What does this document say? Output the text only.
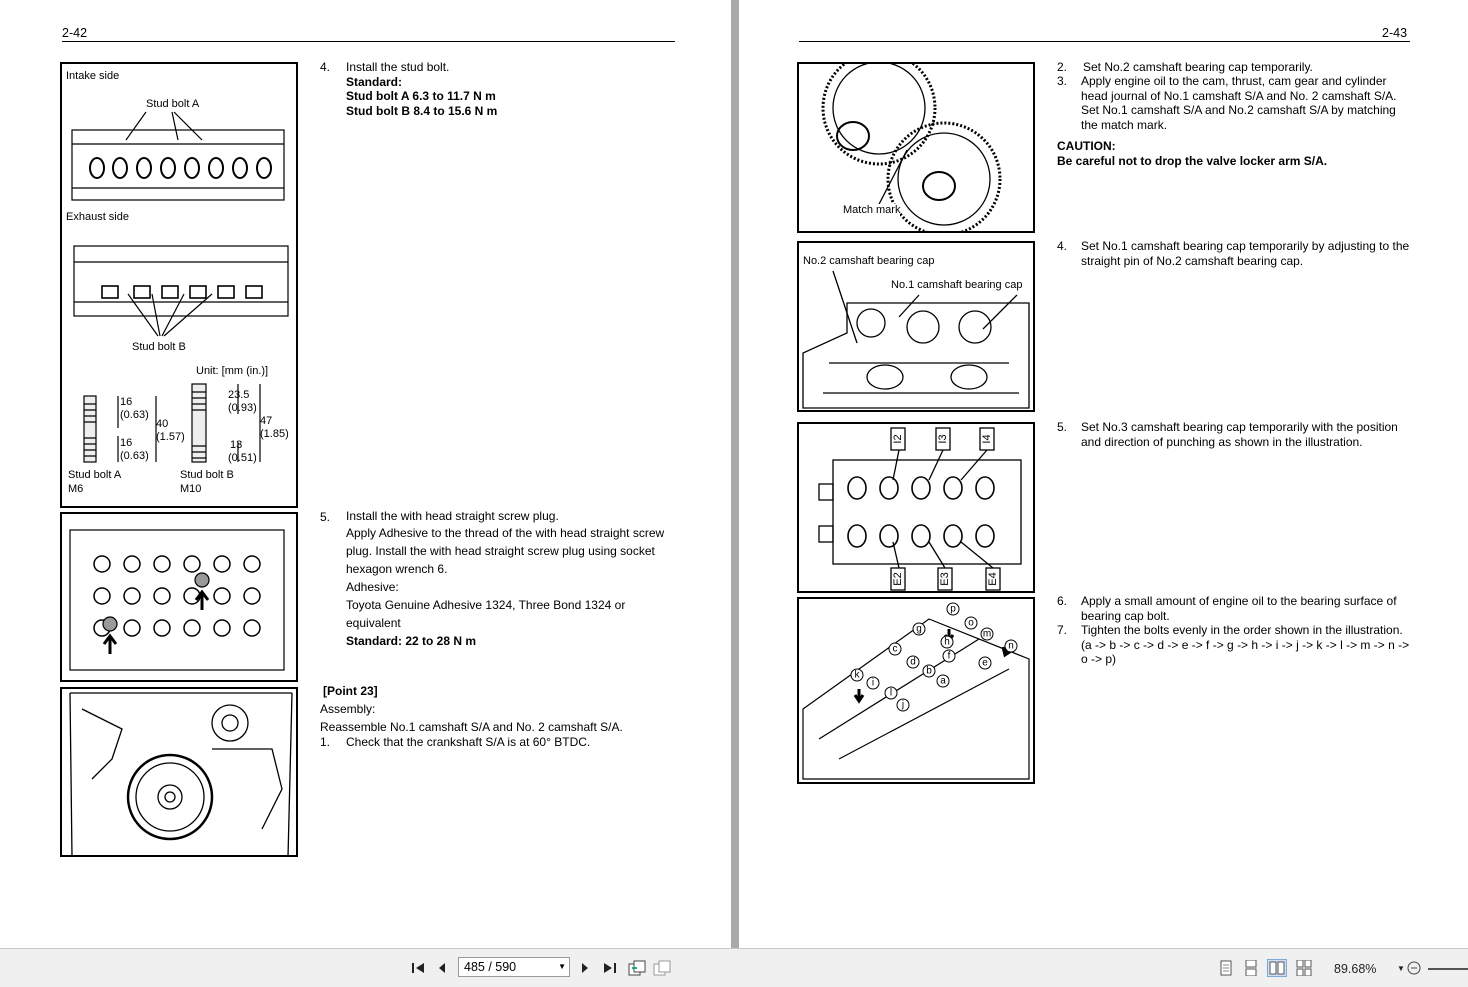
2-42
Intake side
Stud bolt A
Exhaust side
Stud bolt B
Unit: [mm (in.)]
16
(0.63)
40
(1.57)
16
(0.63)
23.5
(0.93)
47
(1.85)
13
(0.51)
Stud bolt A
M6
Stud bolt B
M10
4.	Install the stud bolt.
Standard:
Stud bolt A 6.3 to 11.7 N m
Stud bolt B 8.4 to 15.6 N m
5.	Install the with head straight screw plug.
Apply Adhesive to the thread of the with head straight screw plug. Install the with head straight screw plug using socket hexagon wrench 6.
Adhesive:
Toyota Genuine Adhesive 1324, Three Bond 1324 or equivalent
Standard: 22 to 28 N m
[Point 23]
Assembly:
Reassemble No.1 camshaft S/A and No. 2 camshaft S/A.
1.	Check that the crankshaft S/A is at 60° BTDC.
2-43
Match mark
No.2 camshaft bearing cap
No.1 camshaft bearing cap
I2	I3	I4
E2	E3	E4
p
g
o
m
c	n
h
d
a
f
b
e
k
i
l
j
2.	Set No.2 camshaft bearing cap temporarily.
3.	Apply engine oil to the cam, thrust, cam gear and cylinder head journal of No.1 camshaft S/A and No. 2 camshaft S/A. Set No.1 camshaft S/A and No.2 camshaft S/A by matching the match mark.
CAUTION:
Be careful not to drop the valve locker arm S/A.
4.	Set No.1 camshaft bearing cap temporarily by adjusting to the straight pin of No.2 camshaft bearing cap.
5.	Set No.3 camshaft bearing cap temporarily with the position and direction of punching as shown in the illustration.
6.	Apply a small amount of engine oil to the bearing surface of bearing cap bolt.
7.	Tighten the bolts evenly in the order shown in the illustration.
(a -> b -> c -> d -> e -> f -> g -> h -> i -> j -> k -> l -> m -> n -> o -> p)
485 / 590	▼	89.68%	▼
